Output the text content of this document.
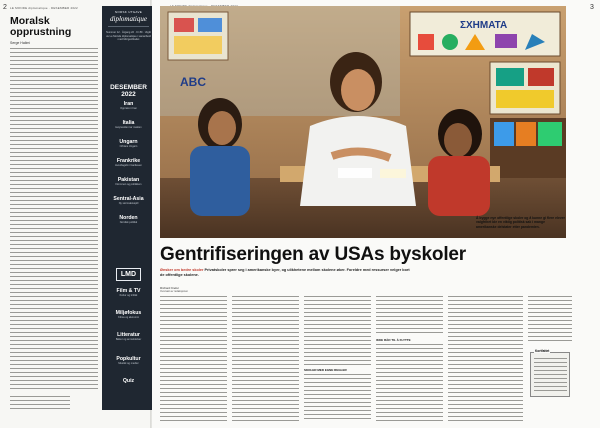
LE MONDE diplomatique · DESEMBER 2022
2
Moralsk opprustning
Serge Halimi
NORSK UTGAVE
diplomatique
Nummer 12 · Årgang 22 · Kr 89 · Utgitt av Le Monde diplomatique i samarbeid med Morgenbladet
DESEMBER 2022
Iran
Opprøret i Iran
Italia
Høyresiden tar makten
Ungarn
Orbáns Ungarn
Frankrike
Hverdagsliv i banlieuen
Pakistan
Flommen og politikken
Sentral-Asia
Ny stormaktsspill
Norden
Nordisk politikk
LMD
Film & TV
Kultur og kritikk
Miljøfokus
Klima og økonomi
Litteratur
Bøker og anmeldelser
Popkultur
Musikk og medier
Quiz
3
ΣΧΗΜΑΤΑ
ABC
Å bygge nye offentlige skoler og å kunne gi flere elever valgfrihet ble en viktig politisk sak i mange amerikanske delstater etter pandemien.
Gentrifiseringen av USAs byskoler
Ønsker om bedre skoler Privatskoler sprer seg i amerikanske byer, og ulikhetene mellom skolene øker. Foreldre med ressurser velger bort de offentlige skolene.
Richard Kiefer
Oversatt av redaksjonen
SKOLER MED EGNE REGLER
IKKE RÅD TIL Å FLYTTE
Kortfattet
